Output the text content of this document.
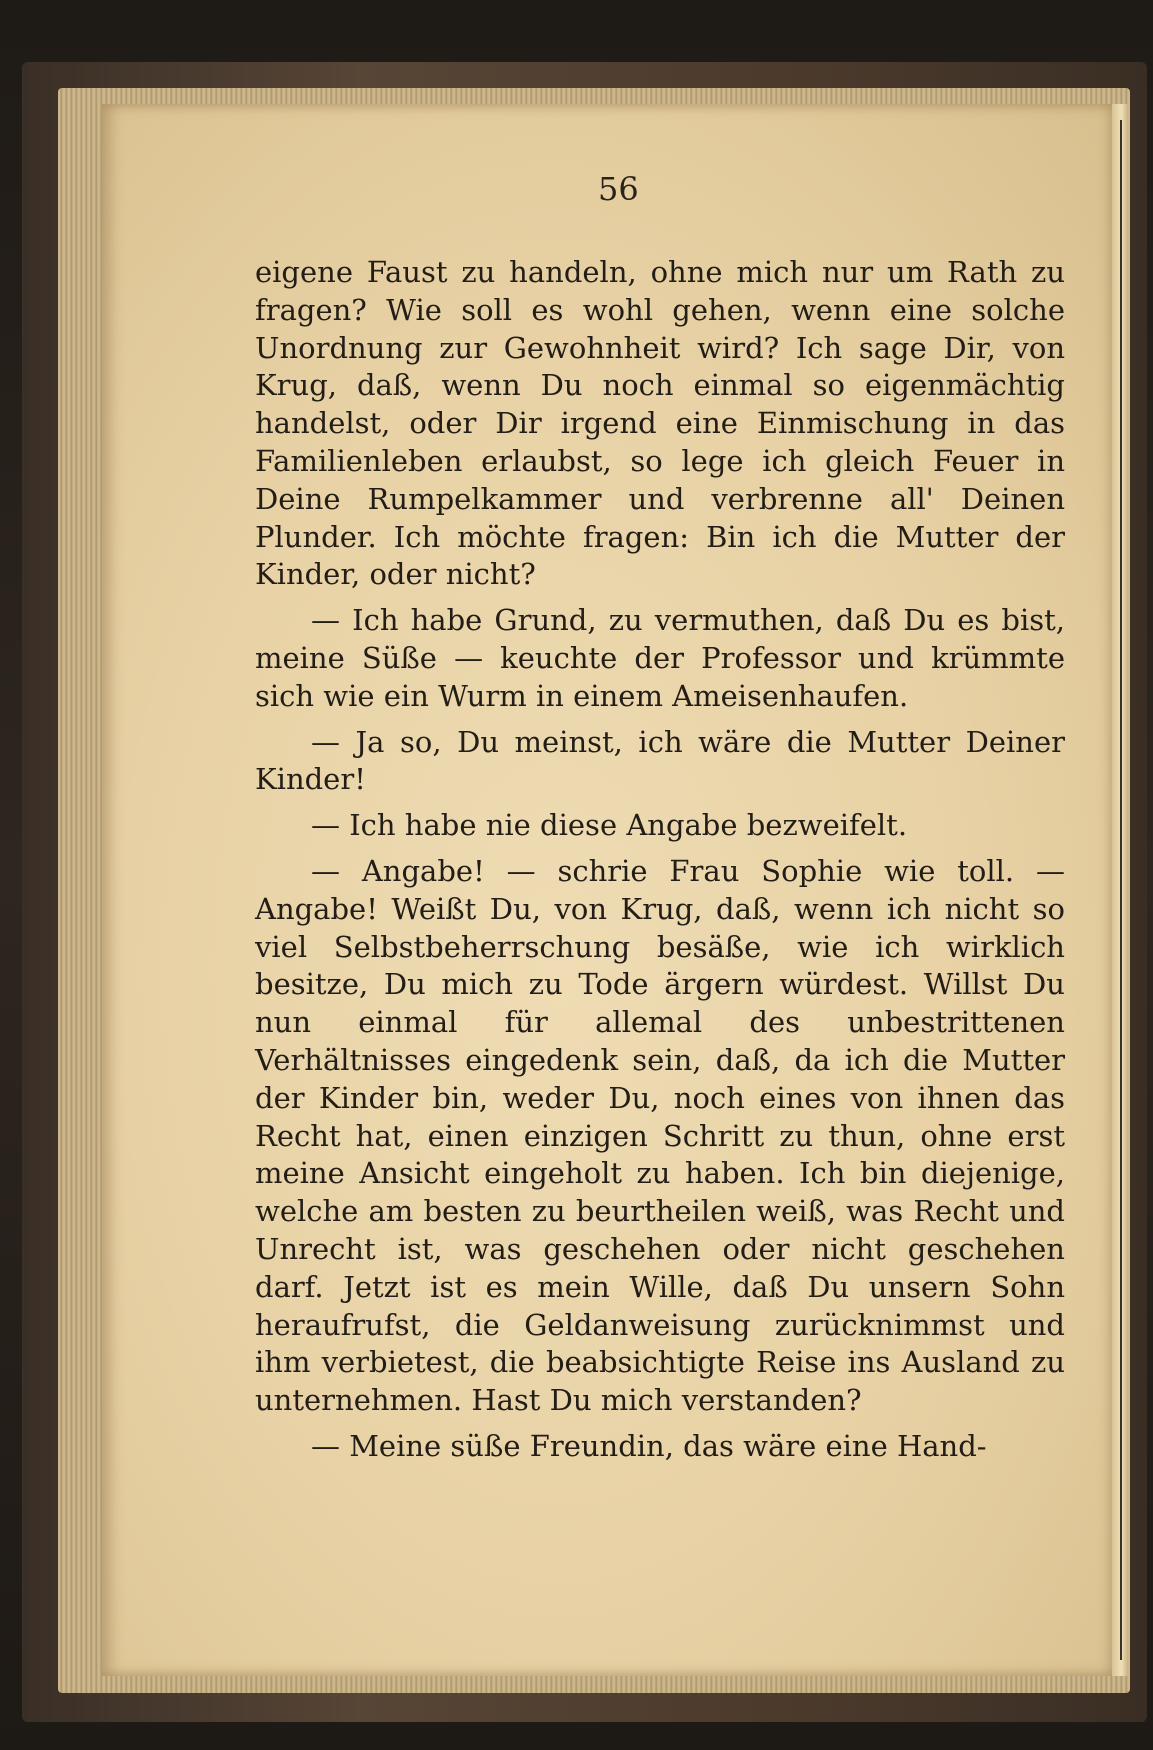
56

eigene Faust zu handeln, ohne mich nur um Rath zu fragen? Wie soll es wohl gehen, wenn eine solche Unordnung zur Gewohnheit wird? Ich sage Dir, von Krug, daß, wenn Du noch einmal so eigenmächtig handelst, oder Dir irgend eine Einmischung in das Familienleben erlaubst, so lege ich gleich Feuer in Deine Rumpelkammer und verbrenne all' Deinen Plunder. Ich möchte fragen: Bin ich die Mutter der Kinder, oder nicht?

— Ich habe Grund, zu vermuthen, daß Du es bist, meine Süße — keuchte der Professor und krümmte sich wie ein Wurm in einem Ameisenhaufen.

— Ja so, Du meinst, ich wäre die Mutter Deiner Kinder!

— Ich habe nie diese Angabe bezweifelt.

— Angabe! — schrie Frau Sophie wie toll. — Angabe! Weißt Du, von Krug, daß, wenn ich nicht so viel Selbstbeherrschung besäße, wie ich wirklich besitze, Du mich zu Tode ärgern würdest. Willst Du nun einmal für allemal des unbestrittenen Verhältnisses eingedenk sein, daß, da ich die Mutter der Kinder bin, weder Du, noch eines von ihnen das Recht hat, einen einzigen Schritt zu thun, ohne erst meine Ansicht eingeholt zu haben. Ich bin diejenige, welche am besten zu beurtheilen weiß, was Recht und Unrecht ist, was geschehen oder nicht geschehen darf. Jetzt ist es mein Wille, daß Du unsern Sohn heraufrufst, die Geldanweisung zurücknimmst und ihm verbietest, die beabsichtigte Reise ins Ausland zu unternehmen. Hast Du mich verstanden?

— Meine süße Freundin, das wäre eine Hand-
